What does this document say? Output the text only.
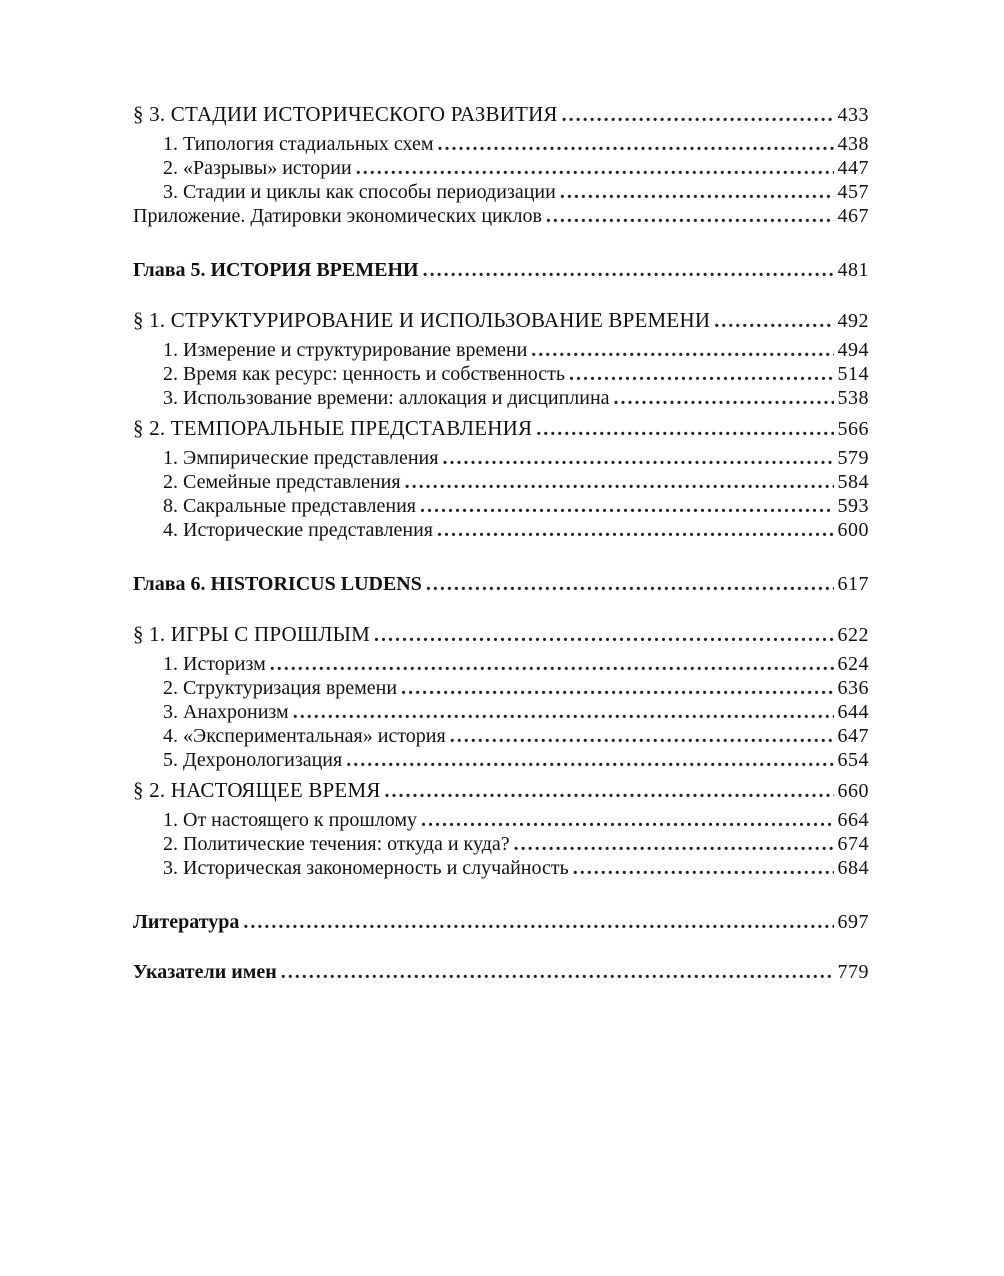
§ 3. СТАДИИ ИСТОРИЧЕСКОГО РАЗВИТИЯ .....	433
1. Типология стадиальных схем .....	438
2. «Разрывы» истории .....	447
3. Стадии и циклы как способы периодизации .....	457
Приложение. Датировки экономических циклов .....	467
Глава 5. ИСТОРИЯ ВРЕМЕНИ .....	481
§ 1. СТРУКТУРИРОВАНИЕ И ИСПОЛЬЗОВАНИЕ ВРЕМЕНИ .....	492
1. Измерение и структурирование времени .....	494
2. Время как ресурс: ценность и собственность .....	514
3. Использование времени: аллокация и дисциплина .....	538
§ 2. ТЕМПОРАЛЬНЫЕ ПРЕДСТАВЛЕНИЯ .....	566
1. Эмпирические представления .....	579
2. Семейные представления .....	584
8. Сакральные представления .....	593
4. Исторические представления .....	600
Глава 6. HISTORICUS LUDENS .....	617
§ 1. ИГРЫ С ПРОШЛЫМ .....	622
1. Историзм .....	624
2. Структуризация времени .....	636
3. Анахронизм .....	644
4. «Экспериментальная» история .....	647
5. Дехронологизация .....	654
§ 2. НАСТОЯЩЕЕ ВРЕМЯ .....	660
1. От настоящего к прошлому .....	664
2. Политические течения: откуда и куда? .....	674
3. Историческая закономерность и случайность .....	684
Литература .....	697
Указатели имен .....	779
